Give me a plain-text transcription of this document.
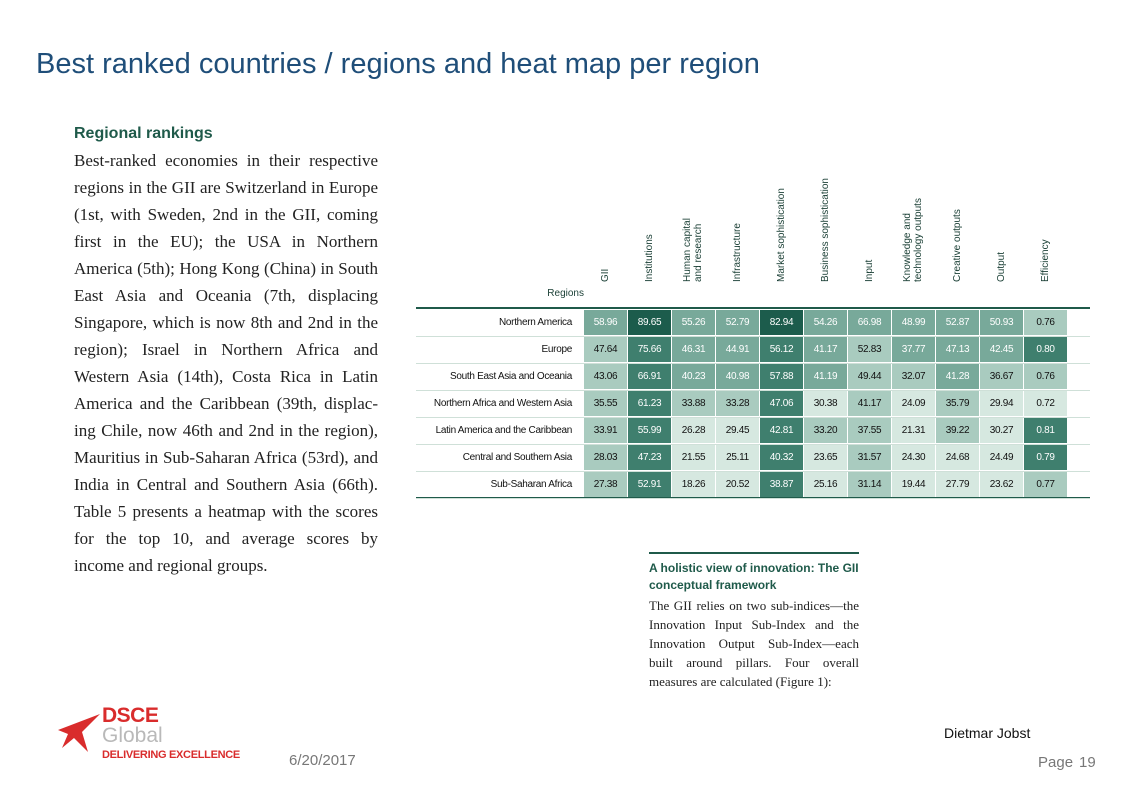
Best ranked countries / regions and heat map per region
Regional rankings
Best-ranked economies in their respective regions in the GII are Switzerland in Europe (1st, with Sweden, 2nd in the GII, coming first in the EU); the USA in Northern America (5th); Hong Kong (China) in South East Asia and Oceania (7th, displacing Singapore, which is now 8th and 2nd in the region); Israel in Northern Africa and Western Asia (14th), Costa Rica in Latin America and the Caribbean (39th, displac-ing Chile, now 46th and 2nd in the region), Mauritius in Sub-Saharan Africa (53rd), and India in Central and Southern Asia (66th). Table 5 presents a heatmap with the scores for the top 10, and average scores by income and regional groups.
Regions
GII	Institutions	Human capital and research	Infrastructure	Market sophistication	Business sophistication	Input	Knowledge and technology outputs	Creative outputs	Output	Efficiency
Northern America	58.96	89.65	55.26	52.79	82.94	54.26	66.98	48.99	52.87	50.93	0.76
Europe	47.64	75.66	46.31	44.91	56.12	41.17	52.83	37.77	47.13	42.45	0.80
South East Asia and Oceania	43.06	66.91	40.23	40.98	57.88	41.19	49.44	32.07	41.28	36.67	0.76
Northern Africa and Western Asia	35.55	61.23	33.88	33.28	47.06	30.38	41.17	24.09	35.79	29.94	0.72
Latin America and the Caribbean	33.91	55.99	26.28	29.45	42.81	33.20	37.55	21.31	39.22	30.27	0.81
Central and Southern Asia	28.03	47.23	21.55	25.11	40.32	23.65	31.57	24.30	24.68	24.49	0.79
Sub-Saharan Africa	27.38	52.91	18.26	20.52	38.87	25.16	31.14	19.44	27.79	23.62	0.77
A holistic view of innovation: The GII conceptual framework
The GII relies on two sub-indices—the Innovation Input Sub-Index and the Innovation Output Sub-Index—each built around pillars. Four overall measures are calculated (Figure 1):
DSCE
Global
DELIVERING EXCELLENCE	6/20/2017
Dietmar Jobst
Page 19
